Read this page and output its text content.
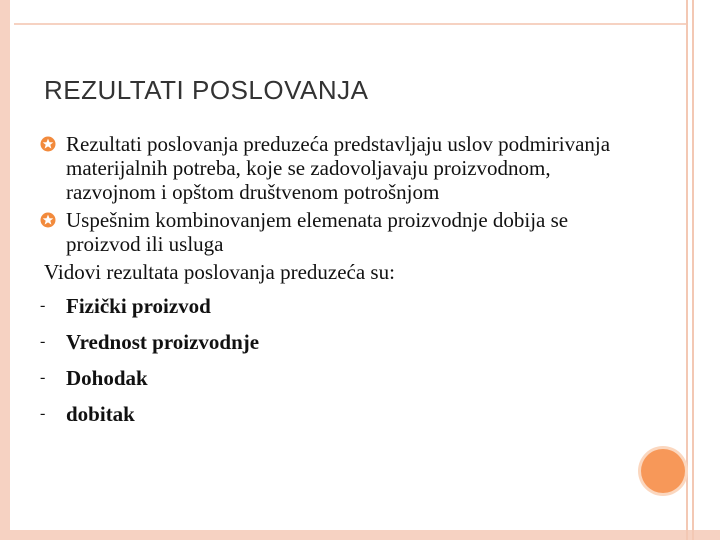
REZULTATI POSLOVANJA
Rezultati poslovanja preduzeća predstavljaju uslov podmirivanja materijalnih potreba, koje se zadovoljavaju proizvodnom, razvojnom i opštom društvenom potrošnjom
Uspešnim kombinovanjem elemenata proizvodnje dobija se proizvod ili usluga
Vidovi rezultata poslovanja preduzeća su:
- Fizički proizvod
- Vrednost proizvodnje
- Dohodak
- dobitak
